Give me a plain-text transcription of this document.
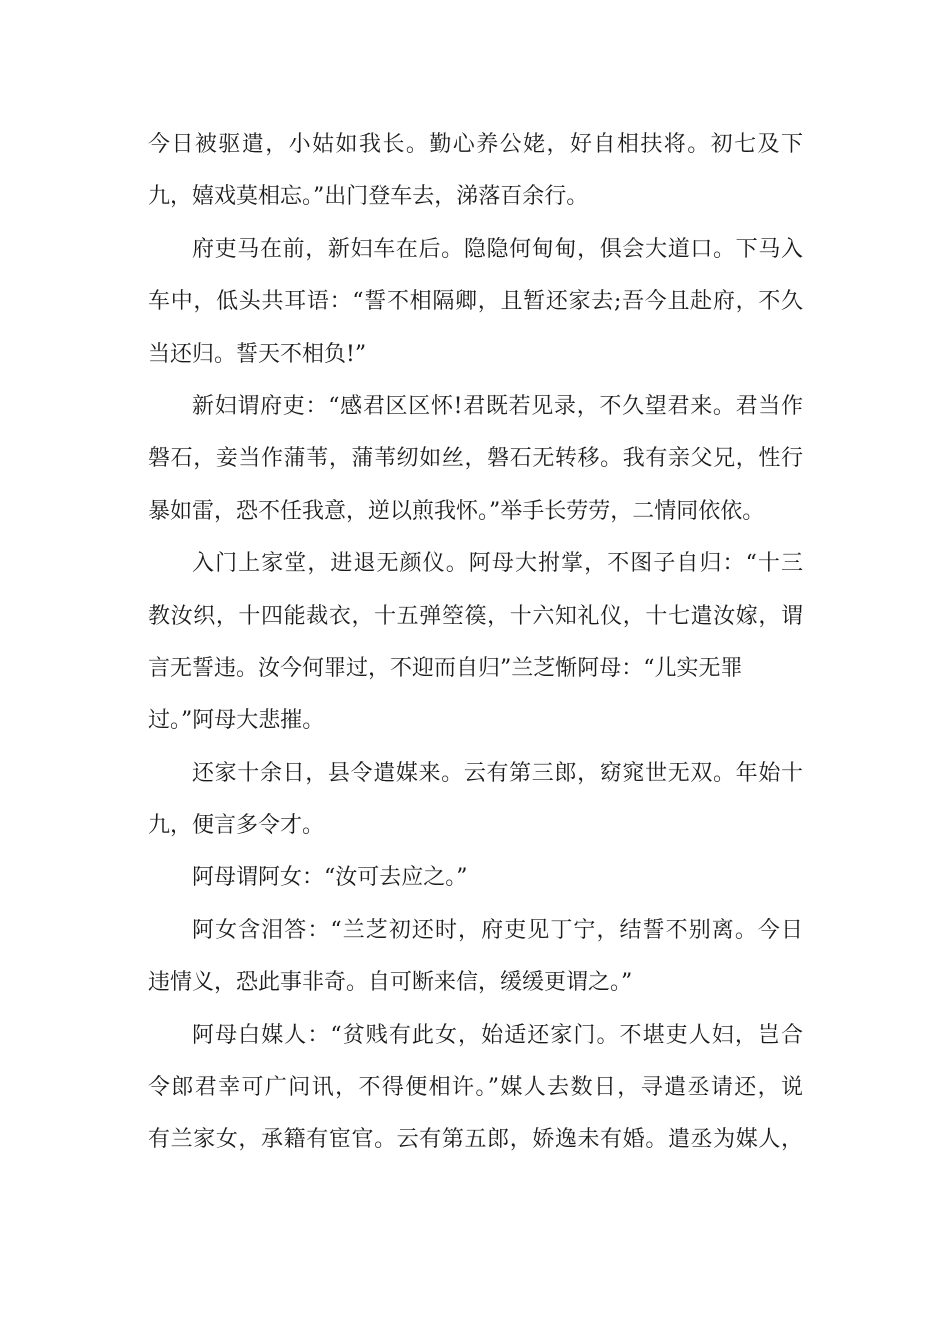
今日被驱遣，小姑如我长。勤心养公姥，好自相扶将。初七及下
九，嬉戏莫相忘。”出门登车去，涕落百余行。
府吏马在前，新妇车在后。隐隐何甸甸，俱会大道口。下马入
车中，低头共耳语：“誓不相隔卿，且暂还家去;吾今且赴府，不久
当还归。誓天不相负!”
新妇谓府吏：“感君区区怀!君既若见录，不久望君来。君当作
磐石，妾当作蒲苇，蒲苇纫如丝，磐石无转移。我有亲父兄，性行
暴如雷，恐不任我意，逆以煎我怀。”举手长劳劳，二情同依依。
入门上家堂，进退无颜仪。阿母大拊掌，不图子自归：“十三
教汝织，十四能裁衣，十五弹箜篌，十六知礼仪，十七遣汝嫁，谓
言无誓违。汝今何罪过，不迎而自归”兰芝惭阿母：“儿实无罪
过。”阿母大悲摧。
还家十余日，县令遣媒来。云有第三郎，窈窕世无双。年始十
九，便言多令才。
阿母谓阿女：“汝可去应之。”
阿女含泪答：“兰芝初还时，府吏见丁宁，结誓不别离。今日
违情义，恐此事非奇。自可断来信，缓缓更谓之。”
阿母白媒人：“贫贱有此女，始适还家门。不堪吏人妇，岂合
令郎君幸可广问讯，不得便相许。”媒人去数日，寻遣丞请还，说
有兰家女，承籍有宦官。云有第五郎，娇逸未有婚。遣丞为媒人，
